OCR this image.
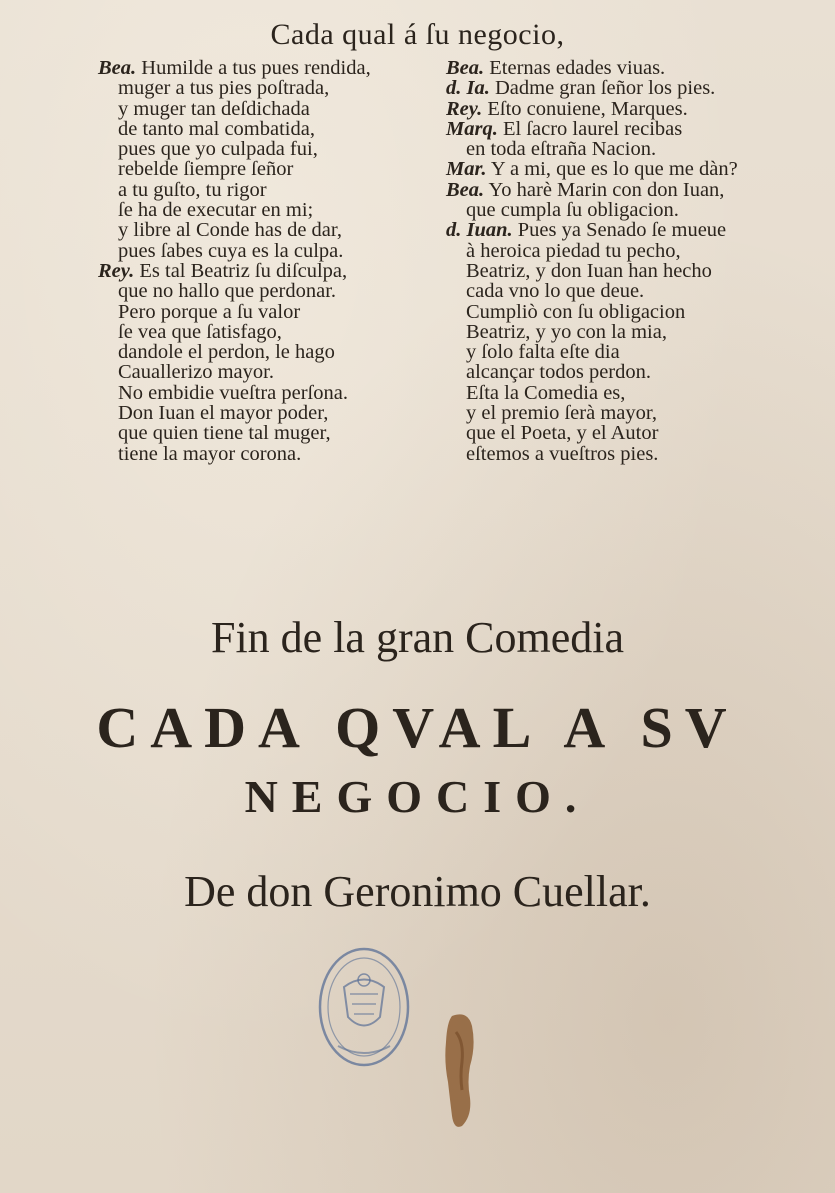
Cada qual á ſu negocio,
Bea. Humilde a tus pues rendida,
muger a tus pies poſtrada,
y muger tan deſdichada
de tanto mal combatida,
pues que yo culpada fui,
rebelde ſiempre ſeñor
a tu guſto, tu rigor
ſe ha de executar en mi;
y libre al Conde has de dar,
pues ſabes cuya es la culpa.
Rey. Es tal Beatriz ſu diſculpa,
que no hallo que perdonar.
Pero porque a ſu valor
ſe vea que ſatisfago,
dandole el perdon, le hago
Cauallerizo mayor.
No embidie vueſtra perſona.
Don Iuan el mayor poder,
que quien tiene tal muger,
tiene la mayor corona.
Bea. Eternas edades viuas.
d. Ia. Dadme gran ſeñor los pies.
Rey. Eſto conuiene, Marques.
Marq. El ſacro laurel recibas
en toda eſtraña Nacion.
Mar. Y a mi, que es lo que me dàn?
Bea. Yo harè Marin con don Iuan,
que cumpla ſu obligacion.
d. Iuan. Pues ya Senado ſe mueue
à heroica piedad tu pecho,
Beatriz, y don Iuan han hecho
cada vno lo que deue.
Cumpliò con ſu obligacion
Beatriz, y yo con la mia,
y ſolo falta eſte dia
alcançar todos perdon.
Eſta la Comedia es,
y el premio ſerà mayor,
que el Poeta, y el Autor
eſtemos a vueſtros pies.
Fin de la gran Comedia
CADA QVAL A SV
NEGOCIO.
De don Geronimo Cuellar.
